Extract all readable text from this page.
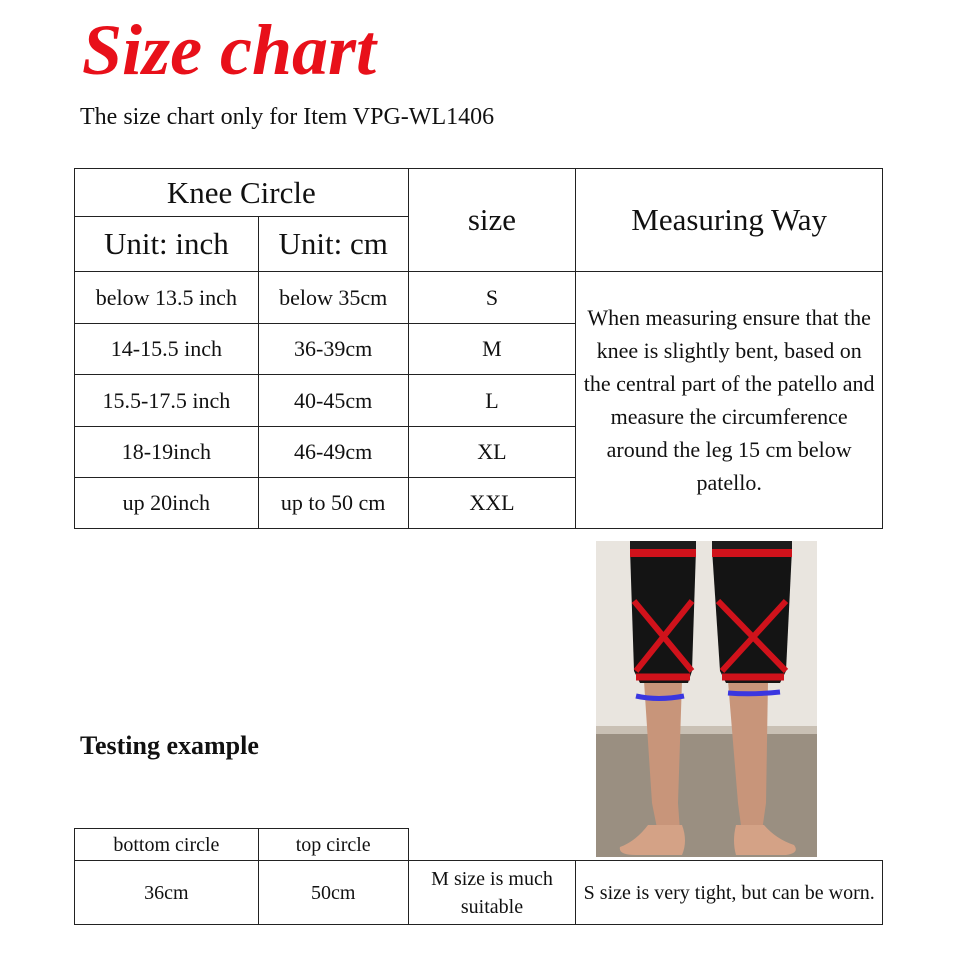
Size chart

The size chart only for Item VPG-WL1406

Knee Circle		size	Measuring Way
Unit: inch	Unit: cm		
below 13.5 inch	below 35cm	S	When measuring ensure that the knee is slightly bent, based on the central part of the patello and measure the circumference around the leg 15 cm below patello.
14-15.5 inch	36-39cm	M	
15.5-17.5 inch	40-45cm	L	
18-19inch	46-49cm	XL	
up 20inch	up to 50 cm	XXL	
Testing example
bottom circle	top circle		
36cm	50cm	M size is much suitable	S size is very tight, but can be worn.
